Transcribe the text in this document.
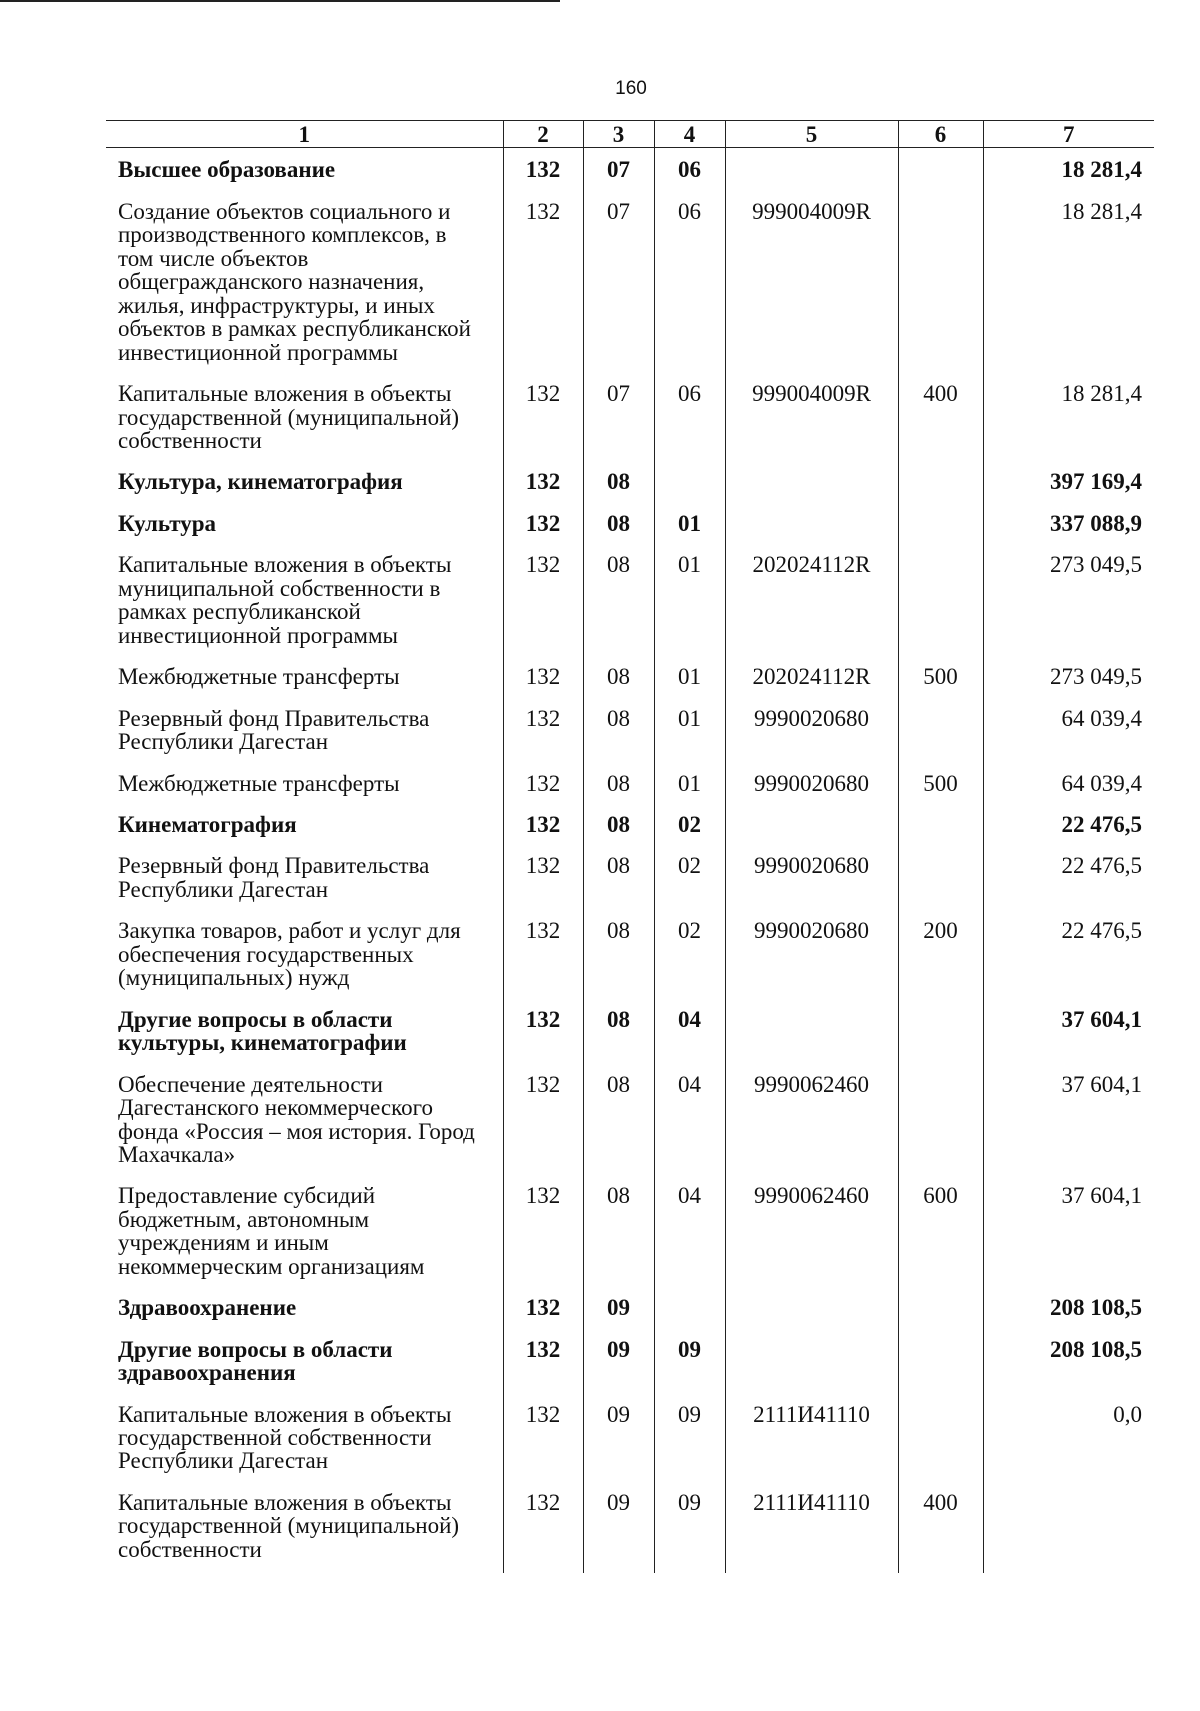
160
1	2	3	4	5	6	7
Высшее образование	132	07	06			18 281,4
Создание объектов социального и производственного комплексов, в том числе объектов общегражданского назначения, жилья, инфраструктуры, и иных объектов в рамках республиканской инвестиционной программы	132	07	06	999004009R		18 281,4
Капитальные вложения в объекты государственной (муниципальной) собственности	132	07	06	999004009R	400	18 281,4
Культура, кинематография	132	08				397 169,4
Культура	132	08	01			337 088,9
Капитальные вложения в объекты муниципальной собственности в рамках республиканской инвестиционной программы	132	08	01	202024112R		273 049,5
Межбюджетные трансферты	132	08	01	202024112R	500	273 049,5
Резервный фонд Правительства Республики Дагестан	132	08	01	9990020680		64 039,4
Межбюджетные трансферты	132	08	01	9990020680	500	64 039,4
Кинематография	132	08	02			22 476,5
Резервный фонд Правительства Республики Дагестан	132	08	02	9990020680		22 476,5
Закупка товаров, работ и услуг для обеспечения государственных (муниципальных) нужд	132	08	02	9990020680	200	22 476,5
Другие вопросы в области культуры, кинематографии	132	08	04			37 604,1
Обеспечение деятельности Дагестанского некоммерческого фонда «Россия – моя история. Город Махачкала»	132	08	04	9990062460		37 604,1
Предоставление субсидий бюджетным, автономным учреждениям и иным некоммерческим организациям	132	08	04	9990062460	600	37 604,1
Здравоохранение	132	09				208 108,5
Другие вопросы в области здравоохранения	132	09	09			208 108,5
Капитальные вложения в объекты государственной собственности Республики Дагестан	132	09	09	2111И41110		0,0
Капитальные вложения в объекты государственной (муниципальной) собственности	132	09	09	2111И41110	400	
